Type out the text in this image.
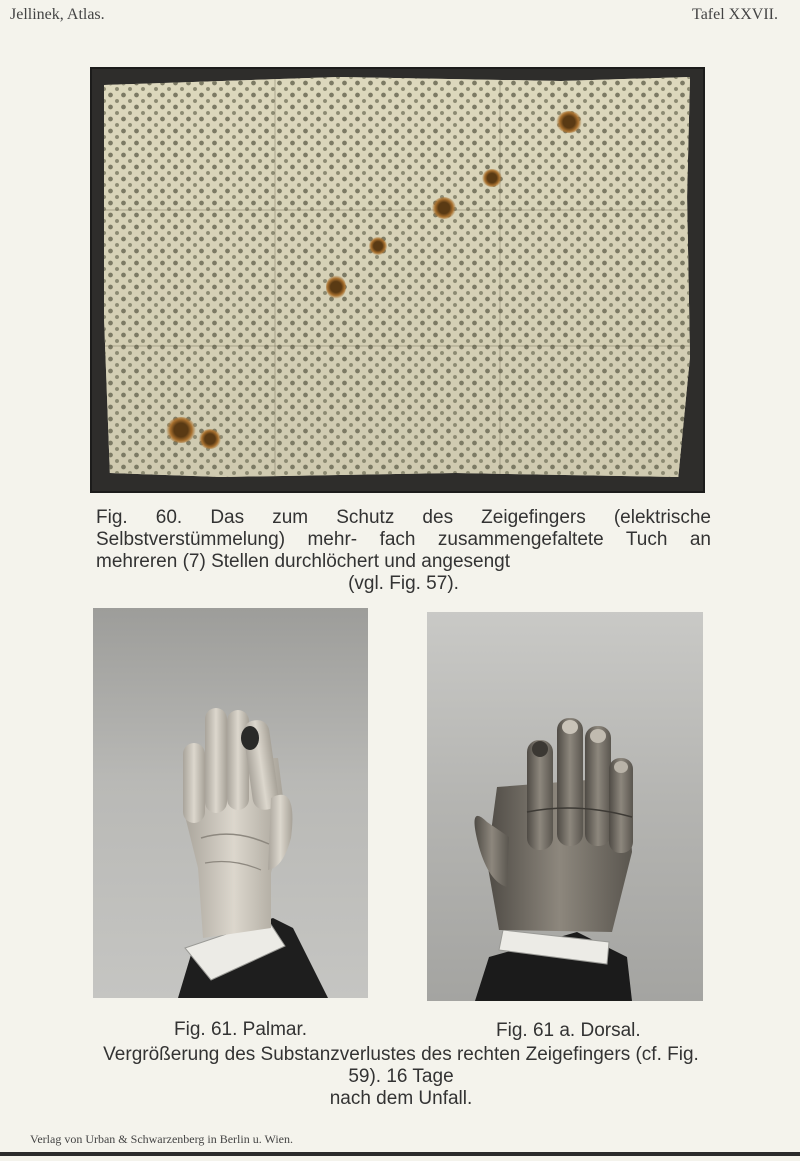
Jellinek, Atlas.	Tafel XXVII.
Fig. 60. Das zum Schutz des Zeigefingers (elektrische Selbstverstümmelung) mehr- fach zusammengefaltete Tuch an mehreren (7) Stellen durchlöchert und angesengt
(vgl. Fig. 57).
Fig. 61. Palmar.	Fig. 61 a. Dorsal.
Vergrößerung des Substanzverlustes des rechten Zeigefingers (cf. Fig. 59). 16 Tage
nach dem Unfall.
Verlag von Urban & Schwarzenberg in Berlin u. Wien.
